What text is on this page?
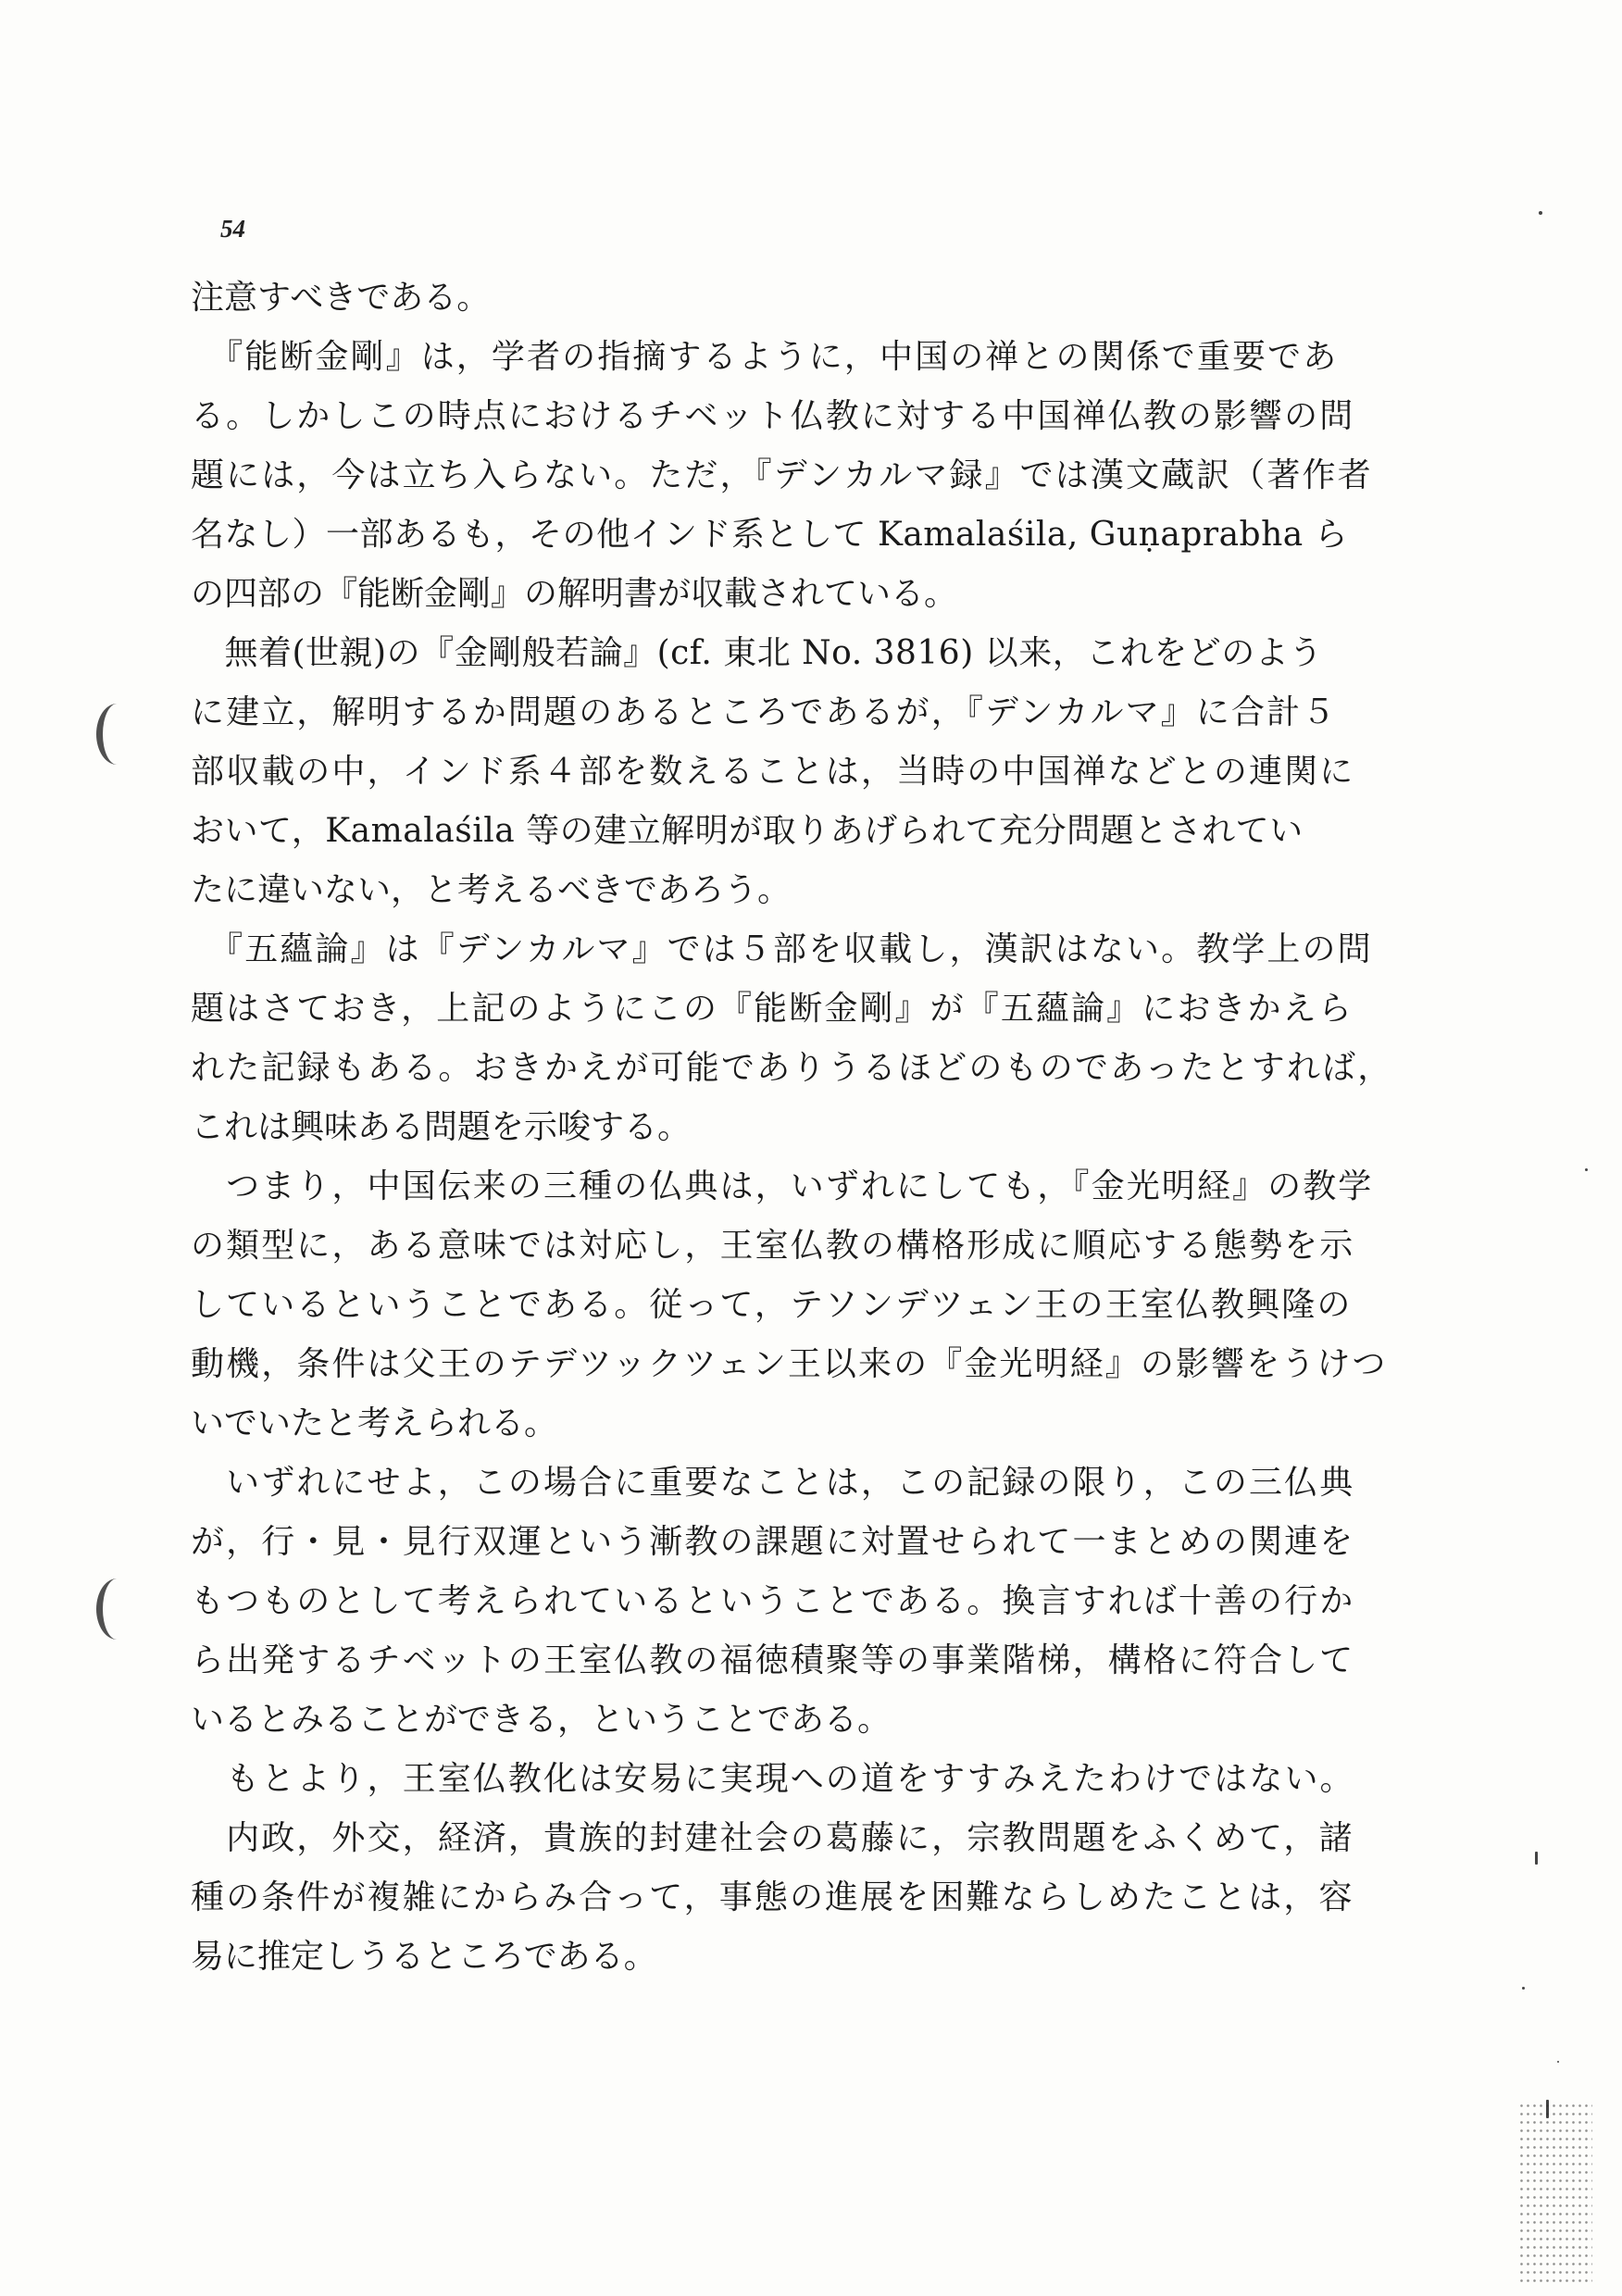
54
注意すべきである。
　『能断金剛』は，学者の指摘するように，中国の禅との関係で重要であ
る。しかしこの時点におけるチベット仏教に対する中国禅仏教の影響の問
題には，今は立ち入らない。ただ，『デンカルマ録』では漢文蔵訳（著作者
名なし）一部あるも，その他インド系として Kamalaśila, Guṇaprabha ら
の四部の『能断金剛』の解明書が収載されている。
　無着(世親)の『金剛般若論』(cf. 東北 No. 3816) 以来，これをどのよう
に建立，解明するか問題のあるところであるが，『デンカルマ』に合計５
部収載の中，インド系４部を数えることは，当時の中国禅などとの連関に
おいて，Kamalaśila 等の建立解明が取りあげられて充分問題とされてい
たに違いない，と考えるべきであろう。
　『五蘊論』は『デンカルマ』では５部を収載し，漢訳はない。教学上の問
題はさておき，上記のようにこの『能断金剛』が『五蘊論』におきかえら
れた記録もある。おきかえが可能でありうるほどのものであったとすれば，
これは興味ある問題を示唆する。
　つまり，中国伝来の三種の仏典は，いずれにしても，『金光明経』の教学
の類型に，ある意味では対応し，王室仏教の構格形成に順応する態勢を示
しているということである。従って，テソンデツェン王の王室仏教興隆の
動機，条件は父王のテデツックツェン王以来の『金光明経』の影響をうけつ
いでいたと考えられる。
　いずれにせよ，この場合に重要なことは，この記録の限り，この三仏典
が，行・見・見行双運という漸教の課題に対置せられて一まとめの関連を
もつものとして考えられているということである。換言すれば十善の行か
ら出発するチベットの王室仏教の福徳積聚等の事業階梯，構格に符合して
いるとみることができる，ということである。
　もとより，王室仏教化は安易に実現への道をすすみえたわけではない。
　内政，外交，経済，貴族的封建社会の葛藤に，宗教問題をふくめて，諸
種の条件が複雑にからみ合って，事態の進展を困難ならしめたことは，容
易に推定しうるところである。
